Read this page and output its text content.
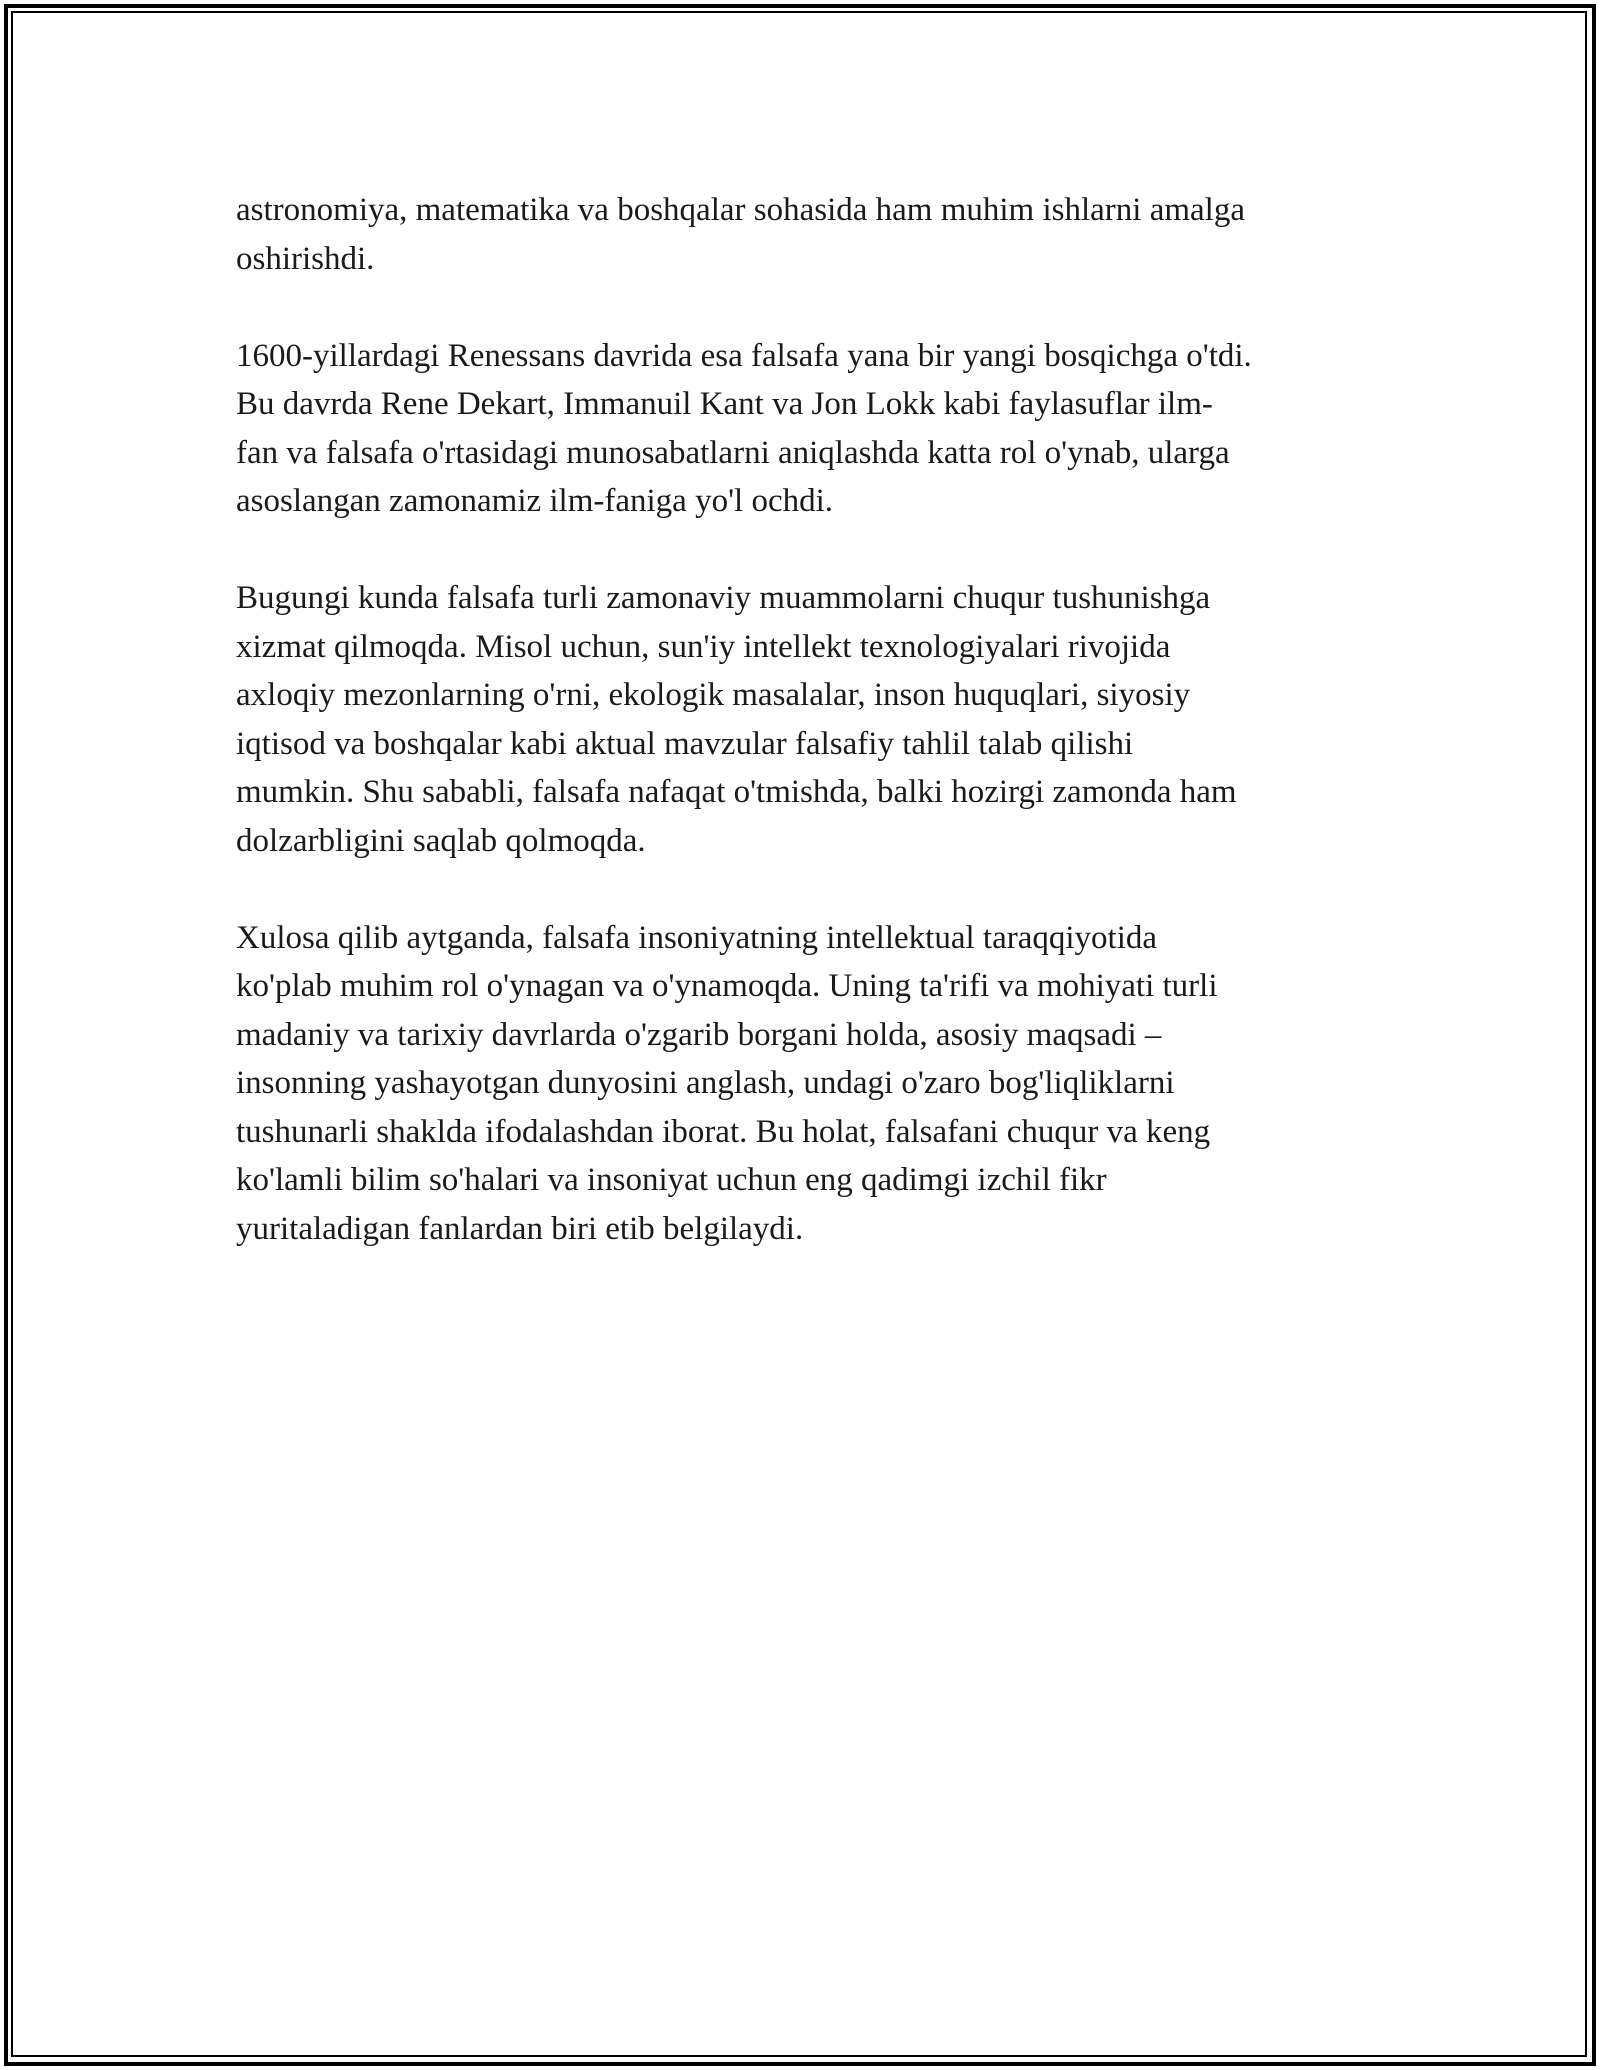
astronomiya, matematika va boshqalar sohasida ham muhim ishlarni amalga
oshirishdi.

1600-yillardagi Renessans davrida esa falsafa yana bir yangi bosqichga o'tdi.
Bu davrda Rene Dekart, Immanuil Kant va Jon Lokk kabi faylasuflar ilm-
fan va falsafa o'rtasidagi munosabatlarni aniqlashda katta rol o'ynab, ularga
asoslangan zamonamiz ilm-faniga yo'l ochdi.

Bugungi kunda falsafa turli zamonaviy muammolarni chuqur tushunishga
xizmat qilmoqda. Misol uchun, sun'iy intellekt texnologiyalari rivojida
axloqiy mezonlarning o'rni, ekologik masalalar, inson huquqlari, siyosiy
iqtisod va boshqalar kabi aktual mavzular falsafiy tahlil talab qilishi
mumkin. Shu sababli, falsafa nafaqat o'tmishda, balki hozirgi zamonda ham
dolzarbligini saqlab qolmoqda.

Xulosa qilib aytganda, falsafa insoniyatning intellektual taraqqiyotida
ko'plab muhim rol o'ynagan va o'ynamoqda. Uning ta'rifi va mohiyati turli
madaniy va tarixiy davrlarda o'zgarib borgani holda, asosiy maqsadi –
insonning yashayotgan dunyosini anglash, undagi o'zaro bog'liqliklarni
tushunarli shaklda ifodalashdan iborat. Bu holat, falsafani chuqur va keng
ko'lamli bilim so'halari va insoniyat uchun eng qadimgi izchil fikr
yuritaladigan fanlardan biri etib belgilaydi.
